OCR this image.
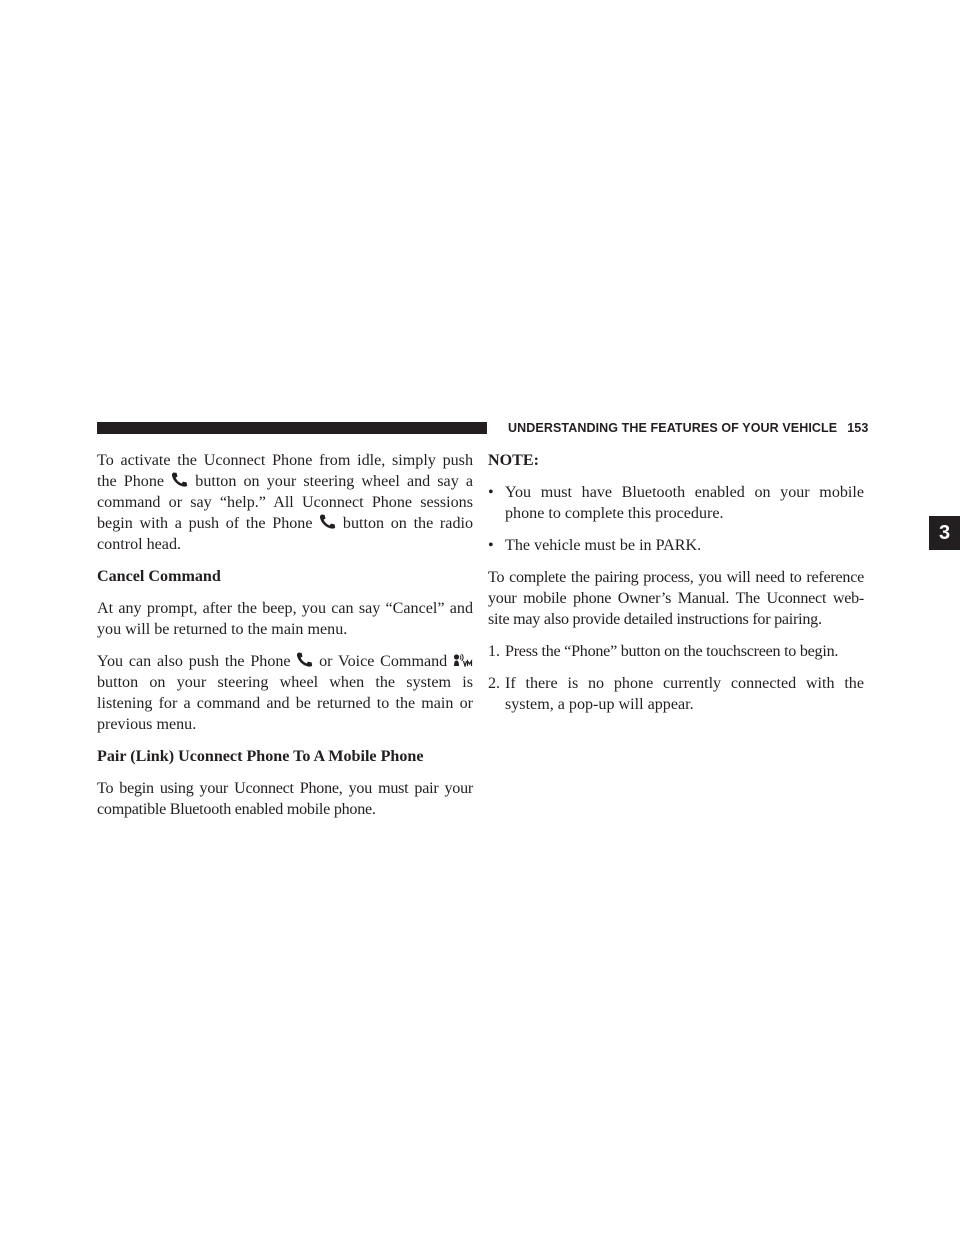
UNDERSTANDING THE FEATURES OF YOUR VEHICLE 153
3

To activate the Uconnect Phone from idle, simply push the Phone button on your steering wheel and say a command or say “help.” All Uconnect Phone sessions begin with a push of the Phone button on the radio control head.

Cancel Command

At any prompt, after the beep, you can say “Cancel” and you will be returned to the main menu.

You can also push the Phone or Voice Command
button on your steering wheel when the system is listening for a command and be returned to the main or previous menu.

Pair (Link) Uconnect Phone To A Mobile Phone

To begin using your Uconnect Phone, you must pair your compatible Bluetooth enabled mobile phone.

NOTE:

• You must have Bluetooth enabled on your mobile phone to complete this procedure.
• The vehicle must be in PARK.

To complete the pairing process, you will need to reference your mobile phone Owner’s Manual. The Uconnect web-site may also provide detailed instructions for pairing.

1. Press the “Phone” button on the touchscreen to begin.
2. If there is no phone currently connected with the system, a pop-up will appear.
